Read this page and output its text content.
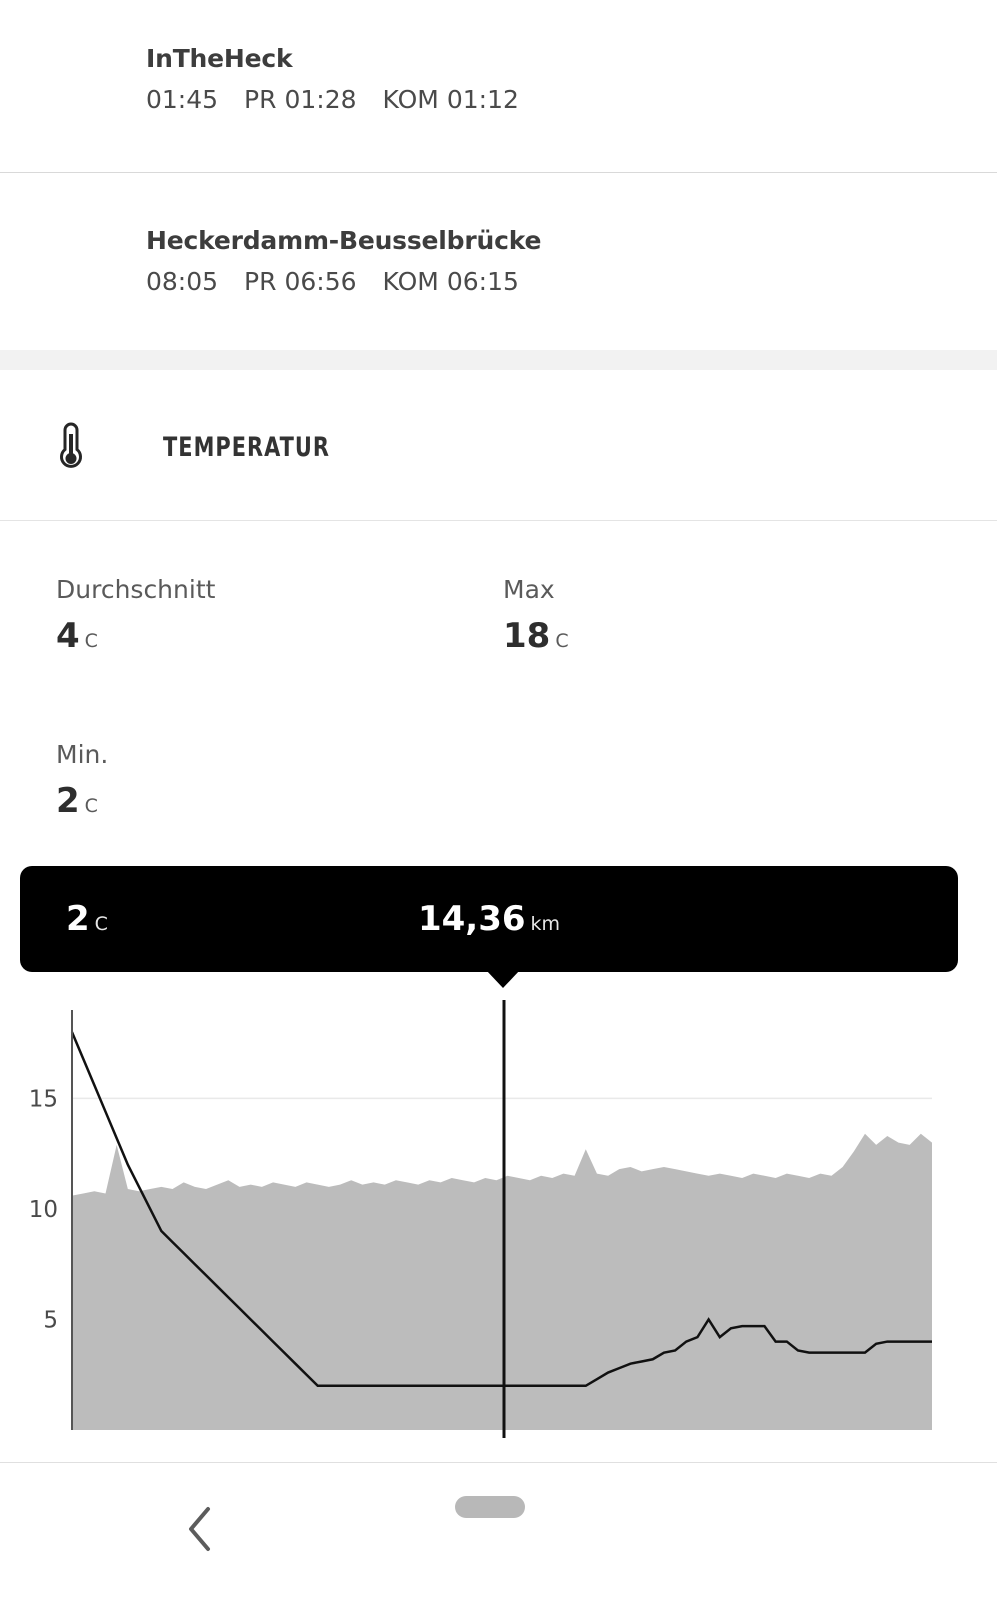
InTheHeck
01:45 PR 01:28 KOM 01:12
Heckerdamm-Beusselbrücke
08:05 PR 06:56 KOM 06:15
TEMPERATUR
Durchschnitt
4 C
Max
18 C
Min.
2 C
2 C	14,36 km
5
10
15
